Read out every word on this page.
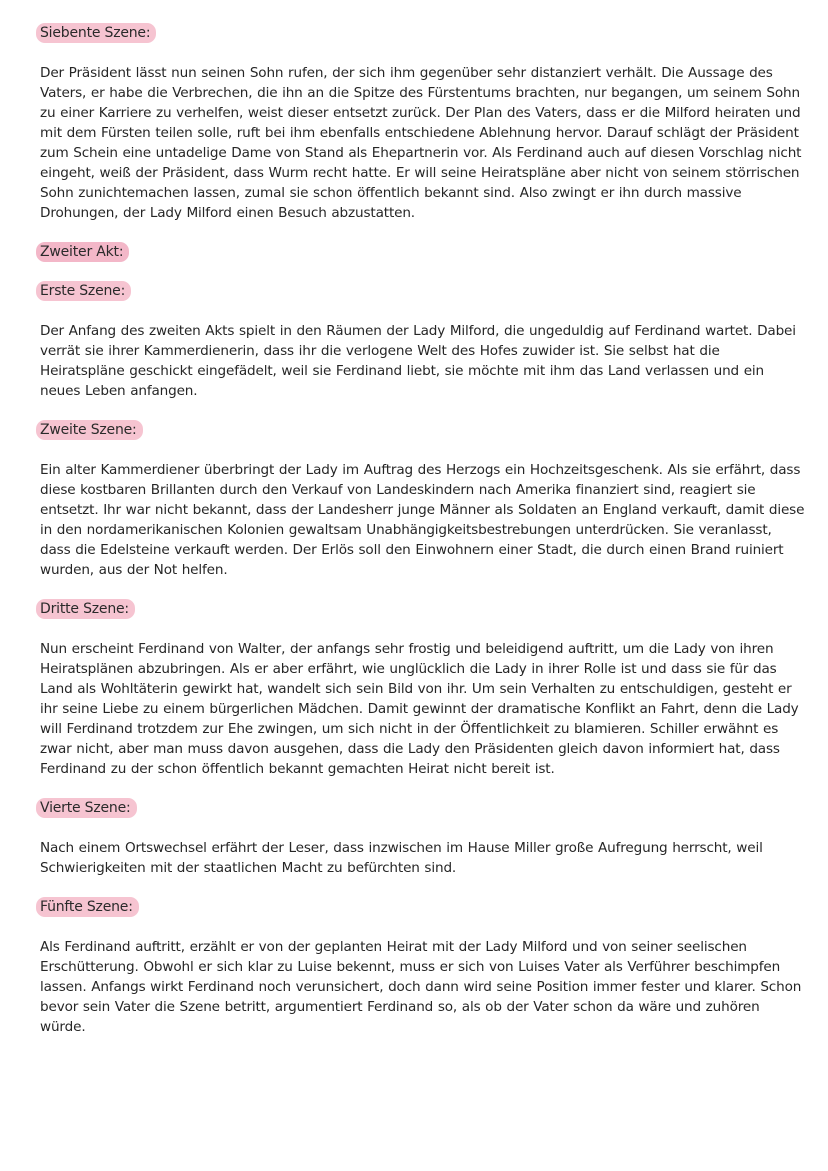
Siebente Szene:

Der Präsident lässt nun seinen Sohn rufen, der sich ihm gegenüber sehr distanziert verhält. Die Aussage des Vaters, er habe die Verbrechen, die ihn an die Spitze des Fürstentums brachten, nur begangen, um seinem Sohn zu einer Karriere zu verhelfen, weist dieser entsetzt zurück. Der Plan des Vaters, dass er die Milford heiraten und mit dem Fürsten teilen solle, ruft bei ihm ebenfalls entschiedene Ablehnung hervor. Darauf schlägt der Präsident zum Schein eine untadelige Dame von Stand als Ehepartnerin vor. Als Ferdinand auch auf diesen Vorschlag nicht eingeht, weiß der Präsident, dass Wurm recht hatte. Er will seine Heiratspläne aber nicht von seinem störrischen Sohn zunichtemachen lassen, zumal sie schon öffentlich bekannt sind. Also zwingt er ihn durch massive Drohungen, der Lady Milford einen Besuch abzustatten.

Zweiter Akt:
Erste Szene:

Der Anfang des zweiten Akts spielt in den Räumen der Lady Milford, die ungeduldig auf Ferdinand wartet. Dabei verrät sie ihrer Kammerdienerin, dass ihr die verlogene Welt des Hofes zuwider ist. Sie selbst hat die Heiratspläne geschickt eingefädelt, weil sie Ferdinand liebt, sie möchte mit ihm das Land verlassen und ein neues Leben anfangen.

Zweite Szene:

Ein alter Kammerdiener überbringt der Lady im Auftrag des Herzogs ein Hochzeitsgeschenk. Als sie erfährt, dass diese kostbaren Brillanten durch den Verkauf von Landeskindern nach Amerika finanziert sind, reagiert sie entsetzt. Ihr war nicht bekannt, dass der Landesherr junge Männer als Soldaten an England verkauft, damit diese in den nordamerikanischen Kolonien gewaltsam Unabhängigkeitsbestrebungen unterdrücken. Sie veranlasst, dass die Edelsteine verkauft werden. Der Erlös soll den Einwohnern einer Stadt, die durch einen Brand ruiniert wurden, aus der Not helfen.

Dritte Szene:

Nun erscheint Ferdinand von Walter, der anfangs sehr frostig und beleidigend auftritt, um die Lady von ihren Heiratsplänen abzubringen. Als er aber erfährt, wie unglücklich die Lady in ihrer Rolle ist und dass sie für das Land als Wohltäterin gewirkt hat, wandelt sich sein Bild von ihr. Um sein Verhalten zu entschuldigen, gesteht er ihr seine Liebe zu einem bürgerlichen Mädchen. Damit gewinnt der dramatische Konflikt an Fahrt, denn die Lady will Ferdinand trotzdem zur Ehe zwingen, um sich nicht in der Öffentlichkeit zu blamieren. Schiller erwähnt es zwar nicht, aber man muss davon ausgehen, dass die Lady den Präsidenten gleich davon informiert hat, dass Ferdinand zu der schon öffentlich bekannt gemachten Heirat nicht bereit ist.

Vierte Szene:

Nach einem Ortswechsel erfährt der Leser, dass inzwischen im Hause Miller große Aufregung herrscht, weil Schwierigkeiten mit der staatlichen Macht zu befürchten sind.

Fünfte Szene:

Als Ferdinand auftritt, erzählt er von der geplanten Heirat mit der Lady Milford und von seiner seelischen Erschütterung. Obwohl er sich klar zu Luise bekennt, muss er sich von Luises Vater als Verführer beschimpfen lassen. Anfangs wirkt Ferdinand noch verunsichert, doch dann wird seine Position immer fester und klarer. Schon bevor sein Vater die Szene betritt, argumentiert Ferdinand so, als ob der Vater schon da wäre und zuhören würde.
